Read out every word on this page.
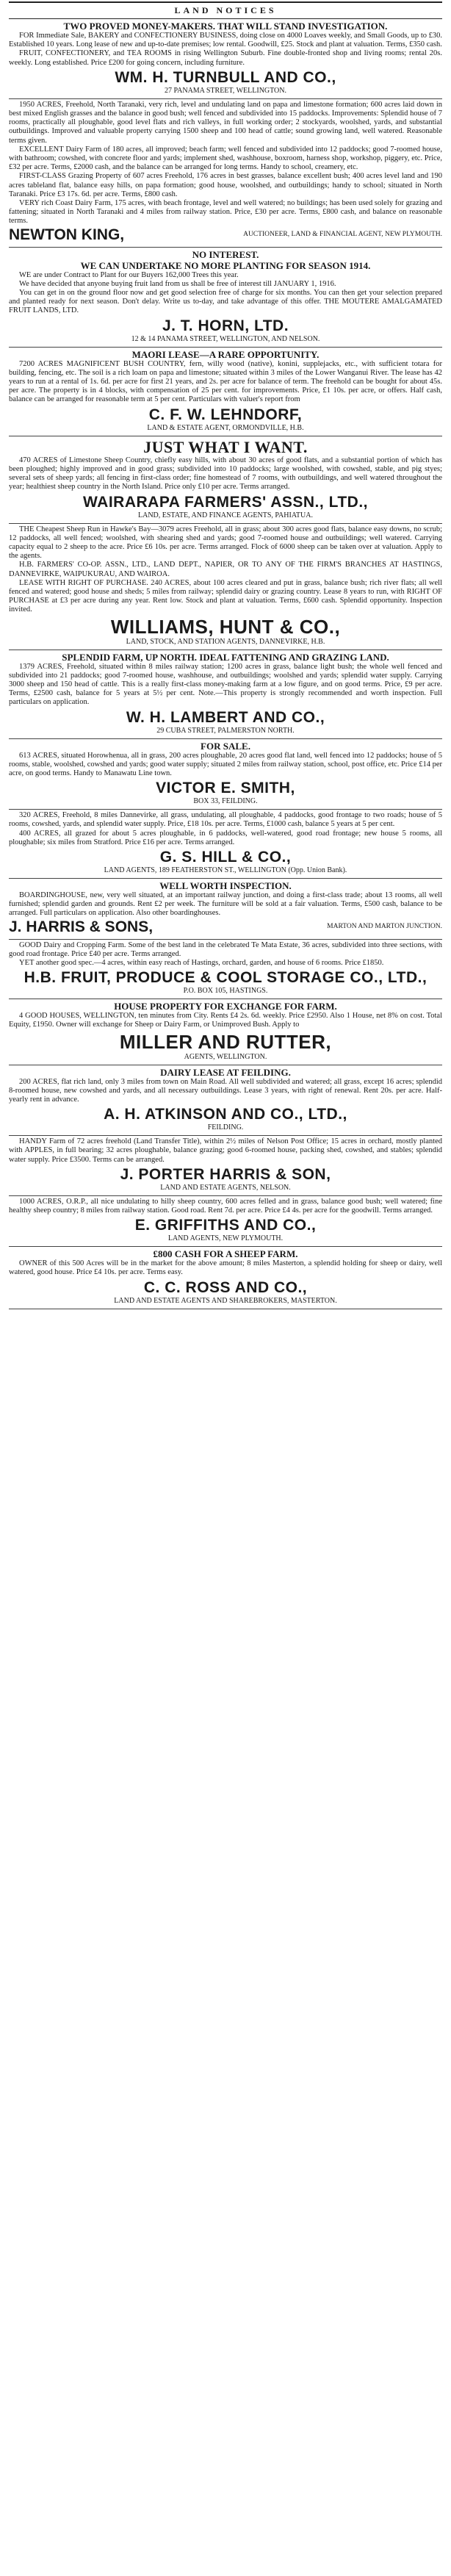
LAND NOTICES
TWO PROVED MONEY-MAKERS. THAT WILL STAND INVESTIGATION.

FOR Immediate Sale, BAKERY and CONFECTIONERY BUSINESS, doing close on 4000 Loaves weekly, and Small Goods, up to £30. Established 10 years. Long lease of new and up-to-date premises; low rental. Goodwill, £25. Stock and plant at valuation. Terms, £350 cash.

FRUIT, CONFECTIONERY, and TEA ROOMS in rising Wellington Suburb. Fine double-fronted shop and living rooms; rental 20s. weekly. Long established. Price £200 for going concern, including furniture.

WM. H. TURNBULL AND CO.,
27 PANAMA STREET, WELLINGTON.

1950 ACRES, Freehold, North Taranaki, very rich, level and undulating land on papa and limestone formation; 600 acres laid down in best mixed English grasses and the balance in good bush; well fenced and subdivided into 15 paddocks. Improvements: Splendid house of 7 rooms, practically all ploughable, good level flats and rich valleys, in full working order; 2 stockyards, woolshed, yards, and substantial outbuildings. Improved and valuable property carrying 1500 sheep and 100 head of cattle; sound growing land, well watered. Reasonable terms given.

EXCELLENT Dairy Farm of 180 acres, all improved; beach farm; well fenced and subdivided into 12 paddocks; good 7-roomed house, with bathroom; cowshed, with concrete floor and yards; implement shed, washhouse, boxroom, harness shop, workshop, piggery, etc. Price, £32 per acre. Terms, £2000 cash, and the balance can be arranged for long terms. Handy to school, creamery, etc.

FIRST-CLASS Grazing Property of 607 acres Freehold, 176 acres in best grasses, balance excellent bush; 400 acres level land and 190 acres tableland flat, balance easy hills, on papa formation; good house, woolshed, and outbuildings; handy to school; situated in North Taranaki. Price £3 17s. 6d. per acre. Terms, £800 cash.

VERY rich Coast Dairy Farm, 175 acres, with beach frontage, level and well watered; no buildings; has been used solely for grazing and fattening; situated in North Taranaki and 4 miles from railway station. Price, £30 per acre. Terms, £800 cash, and balance on reasonable terms.

NEWTON KING,	AUCTIONEER, LAND & FINANCIAL AGENT, NEW PLYMOUTH.
NO INTEREST.
WE CAN UNDERTAKE NO MORE PLANTING FOR SEASON 1914.

WE are under Contract to Plant for our Buyers 162,000 Trees this year.

We have decided that anyone buying fruit land from us shall be free of interest till JANUARY 1, 1916.

You can get in on the ground floor now and get good selection free of charge for six months. You can then get your selection prepared and planted ready for next season. Don't delay. Write us to-day, and take advantage of this offer. THE MOUTERE AMALGAMATED FRUIT LANDS, LTD.

J. T. HORN, LTD.
12 & 14 PANAMA STREET, WELLINGTON, AND NELSON.
MAORI LEASE—A RARE OPPORTUNITY.

7200 ACRES MAGNIFICENT BUSH COUNTRY, fern, willy wood (native), konini, supplejacks, etc., with sufficient totara for building, fencing, etc. The soil is a rich loam on papa and limestone; situated within 3 miles of the Lower Wanganui River. The lease has 42 years to run at a rental of 1s. 6d. per acre for first 21 years, and 2s. per acre for balance of term. The freehold can be bought for about 45s. per acre. The property is in 4 blocks, with compensation of 25 per cent. for improvements. Price, £1 10s. per acre, or offers. Half cash, balance can be arranged for reasonable term at 5 per cent. Particulars with valuer's report from

C. F. W. LEHNDORF,
LAND & ESTATE AGENT, ORMONDVILLE, H.B.
JUST WHAT I WANT.

470 ACRES of Limestone Sheep Country, chiefly easy hills, with about 30 acres of good flats, and a substantial portion of which has been ploughed; highly improved and in good grass; subdivided into 10 paddocks; large woolshed, with cowshed, stable, and pig styes; several sets of sheep yards; all fencing in first-class order; fine homestead of 7 rooms, with outbuildings, and well watered throughout the year; healthiest sheep country in the North Island. Price only £10 per acre. Terms arranged.

WAIRARAPA FARMERS' ASSN., LTD.,
LAND, ESTATE, AND FINANCE AGENTS, PAHIATUA.

THE Cheapest Sheep Run in Hawke's Bay—3079 acres Freehold, all in grass; about 300 acres good flats, balance easy downs, no scrub; 12 paddocks, all well fenced; woolshed, with shearing shed and yards; good 7-roomed house and outbuildings; well watered. Carrying capacity equal to 2 sheep to the acre. Price £6 10s. per acre. Terms arranged. Flock of 6000 sheep can be taken over at valuation. Apply to the agents.

H.B. FARMERS' CO-OP. ASSN., LTD., LAND DEPT., NAPIER, OR TO ANY OF THE FIRM'S BRANCHES AT HASTINGS, DANNEVIRKE, WAIPUKURAU, AND WAIROA.

LEASE WITH RIGHT OF PURCHASE. 240 ACRES, about 100 acres cleared and put in grass, balance bush; rich river flats; all well fenced and watered; good house and sheds; 5 miles from railway; splendid dairy or grazing country. Lease 8 years to run, with RIGHT OF PURCHASE at £3 per acre during any year. Rent low. Stock and plant at valuation. Terms, £600 cash. Splendid opportunity. Inspection invited.

WILLIAMS, HUNT & CO.,
LAND, STOCK, AND STATION AGENTS, DANNEVIRKE, H.B.
SPLENDID FARM, UP NORTH. IDEAL FATTENING AND GRAZING LAND.

1379 ACRES, Freehold, situated within 8 miles railway station; 1200 acres in grass, balance light bush; the whole well fenced and subdivided into 21 paddocks; good 7-roomed house, washhouse, and outbuildings; woolshed and yards; splendid water supply. Carrying 3000 sheep and 150 head of cattle. This is a really first-class money-making farm at a low figure, and on good terms. Price, £9 per acre. Terms, £2500 cash, balance for 5 years at 5½ per cent. Note.—This property is strongly recommended and worth inspection. Full particulars on application.

W. H. LAMBERT AND CO.,
29 CUBA STREET, PALMERSTON NORTH.
FOR SALE.

613 ACRES, situated Horowhenua, all in grass, 200 acres ploughable, 20 acres good flat land, well fenced into 12 paddocks; house of 5 rooms, stable, woolshed, cowshed and yards; good water supply; situated 2 miles from railway station, school, post office, etc. Price £14 per acre, on good terms. Handy to Manawatu Line town.

VICTOR E. SMITH,
BOX 33, FEILDING.

320 ACRES, Freehold, 8 miles Dannevirke, all grass, undulating, all ploughable, 4 paddocks, good frontage to two roads; house of 5 rooms, cowshed, yards, and splendid water supply. Price, £18 10s. per acre. Terms, £1000 cash, balance 5 years at 5 per cent.

400 ACRES, all grazed for about 5 acres ploughable, in 6 paddocks, well-watered, good road frontage; new house 5 rooms, all ploughable; six miles from Stratford. Price £16 per acre. Terms arranged.

G. S. HILL & CO.,
LAND AGENTS, 189 FEATHERSTON ST., WELLINGTON (Opp. Union Bank).
WELL WORTH INSPECTION.

BOARDINGHOUSE, new, very well situated, at an important railway junction, and doing a first-class trade; about 13 rooms, all well furnished; splendid garden and grounds. Rent £2 per week. The furniture will be sold at a fair valuation. Terms, £500 cash, balance to be arranged. Full particulars on application. Also other boardinghouses.

J. HARRIS & SONS,	MARTON AND MARTON JUNCTION.

GOOD Dairy and Cropping Farm. Some of the best land in the celebrated Te Mata Estate, 36 acres, subdivided into three sections, with good road frontage. Price £40 per acre. Terms arranged.

YET another good spec.—4 acres, within easy reach of Hastings, orchard, garden, and house of 6 rooms. Price £1850.

H.B. FRUIT, PRODUCE & COOL STORAGE CO., LTD.,
P.O. BOX 105, HASTINGS.
HOUSE PROPERTY FOR EXCHANGE FOR FARM.

4 GOOD HOUSES, WELLINGTON, ten minutes from City. Rents £4 2s. 6d. weekly. Price £2950. Also 1 House, net 8% on cost. Total Equity, £1950. Owner will exchange for Sheep or Dairy Farm, or Unimproved Bush. Apply to

MILLER AND RUTTER,
AGENTS, WELLINGTON.
DAIRY LEASE AT FEILDING.

200 ACRES, flat rich land, only 3 miles from town on Main Road. All well subdivided and watered; all grass, except 16 acres; splendid 8-roomed house, new cowshed and yards, and all necessary outbuildings. Lease 3 years, with right of renewal. Rent 20s. per acre. Half-yearly rent in advance.

A. H. ATKINSON AND CO., LTD.,
FEILDING.

HANDY Farm of 72 acres freehold (Land Transfer Title), within 2½ miles of Nelson Post Office; 15 acres in orchard, mostly planted with APPLES, in full bearing; 32 acres ploughable, balance grazing; good 6-roomed house, packing shed, cowshed, and stables; splendid water supply. Price £3500. Terms can be arranged.

J. PORTER HARRIS & SON,
LAND AND ESTATE AGENTS, NELSON.

1000 ACRES, O.R.P., all nice undulating to hilly sheep country, 600 acres felled and in grass, balance good bush; well watered; fine healthy sheep country; 8 miles from railway station. Good road. Rent 7d. per acre. Price £4 4s. per acre for the goodwill. Terms arranged.

E. GRIFFITHS AND CO.,
LAND AGENTS, NEW PLYMOUTH.
£800 CASH FOR A SHEEP FARM.

OWNER of this 500 Acres will be in the market for the above amount; 8 miles Masterton, a splendid holding for sheep or dairy, well watered, good house. Price £4 10s. per acre. Terms easy.

C. C. ROSS AND CO.,
LAND AND ESTATE AGENTS AND SHAREBROKERS, MASTERTON.
